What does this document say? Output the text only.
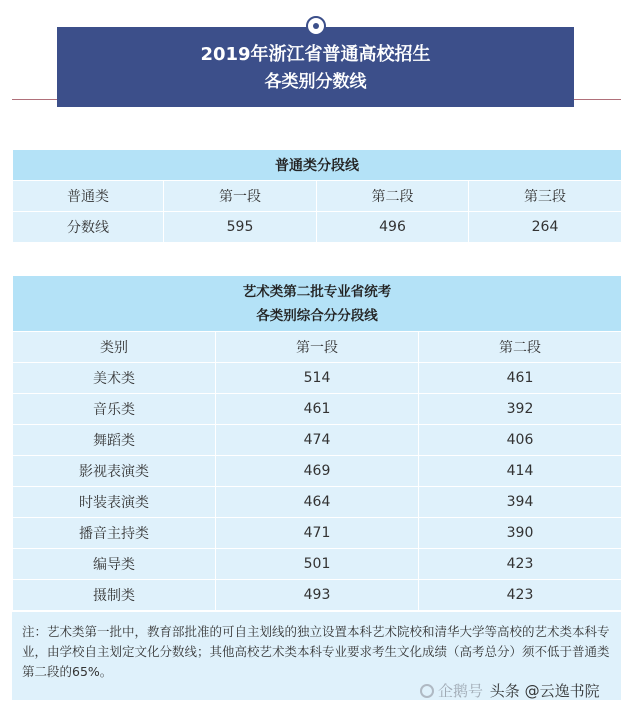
2019年浙江省普通高校招生
各类别分数线
普通类分段线			
普通类	第一段	第二段	第三段
分数线	595	496	264
艺术类第二批专业省统考
各类别综合分分段线		

类别	第一段	第二段
美术类	514	461
音乐类	461	392
舞蹈类	474	406
影视表演类	469	414
时装表演类	464	394
播音主持类	471	390
编导类	501	423
摄制类	493	423
注：艺术类第一批中，教育部批准的可自主划线的独立设置本科艺术院校和清华大学等高校的艺术类本科专业，由学校自主划定文化分数线；其他高校艺术类本科专业要求考生文化成绩（高考总分）须不低于普通类第二段的65%。
企鹅号 头条 @云逸书院
